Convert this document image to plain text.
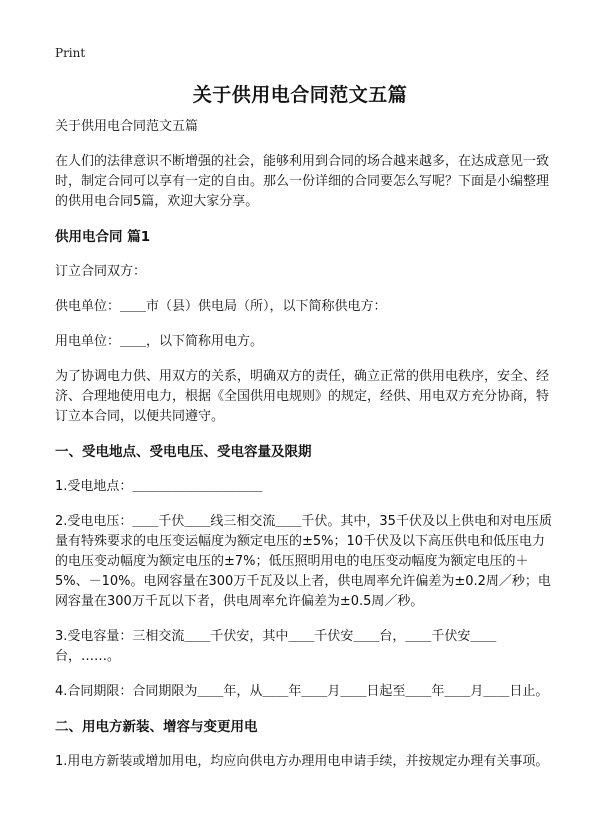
Print
关于供用电合同范文五篇

关于供用电合同范文五篇

在人们的法律意识不断增强的社会，能够利用到合同的场合越来越多，在达成意见一致时，制定合同可以享有一定的自由。那么一份详细的合同要怎么写呢？下面是小编整理的供用电合同5篇，欢迎大家分享。

供用电合同 篇1

订立合同双方：

供电单位：＿＿市（县）供电局（所），以下简称供电方：

用电单位：＿＿，以下简称用电方。

为了协调电力供、用双方的关系，明确双方的责任，确立正常的供用电秩序，安全、经济、合理地使用电力，根据《全国供用电规则》的规定，经供、用电双方充分协商，特订立本合同，以便共同遵守。

一、受电地点、受电电压、受电容量及限期

1.受电地点：＿＿＿＿＿＿＿＿＿＿

2.受电电压：＿＿千伏＿＿线三相交流＿＿千伏。其中，35千伏及以上供电和对电压质量有特殊要求的电压变运幅度为额定电压的±5%；10千伏及以下高压供电和低压电力的电压变动幅度为额定电压的±7%；低压照明用电的电压变动幅度为额定电压的＋5%、－10%。电网容量在300万千瓦及以上者，供电周率允许偏差为±0.2周／秒；电网容量在300万千瓦以下者，供电周率允许偏差为±0.5周／秒。

3.受电容量：三相交流＿＿千伏安，其中＿＿千伏安＿＿台，＿＿千伏安＿＿台，……。

4.合同期限：合同期限为＿＿年，从＿＿年＿＿月＿＿日起至＿＿年＿＿月＿＿日止。

二、用电方新装、增容与变更用电

1.用电方新装或增加用电，均应向供电方办理用电申请手续，并按规定办理有关事项。
